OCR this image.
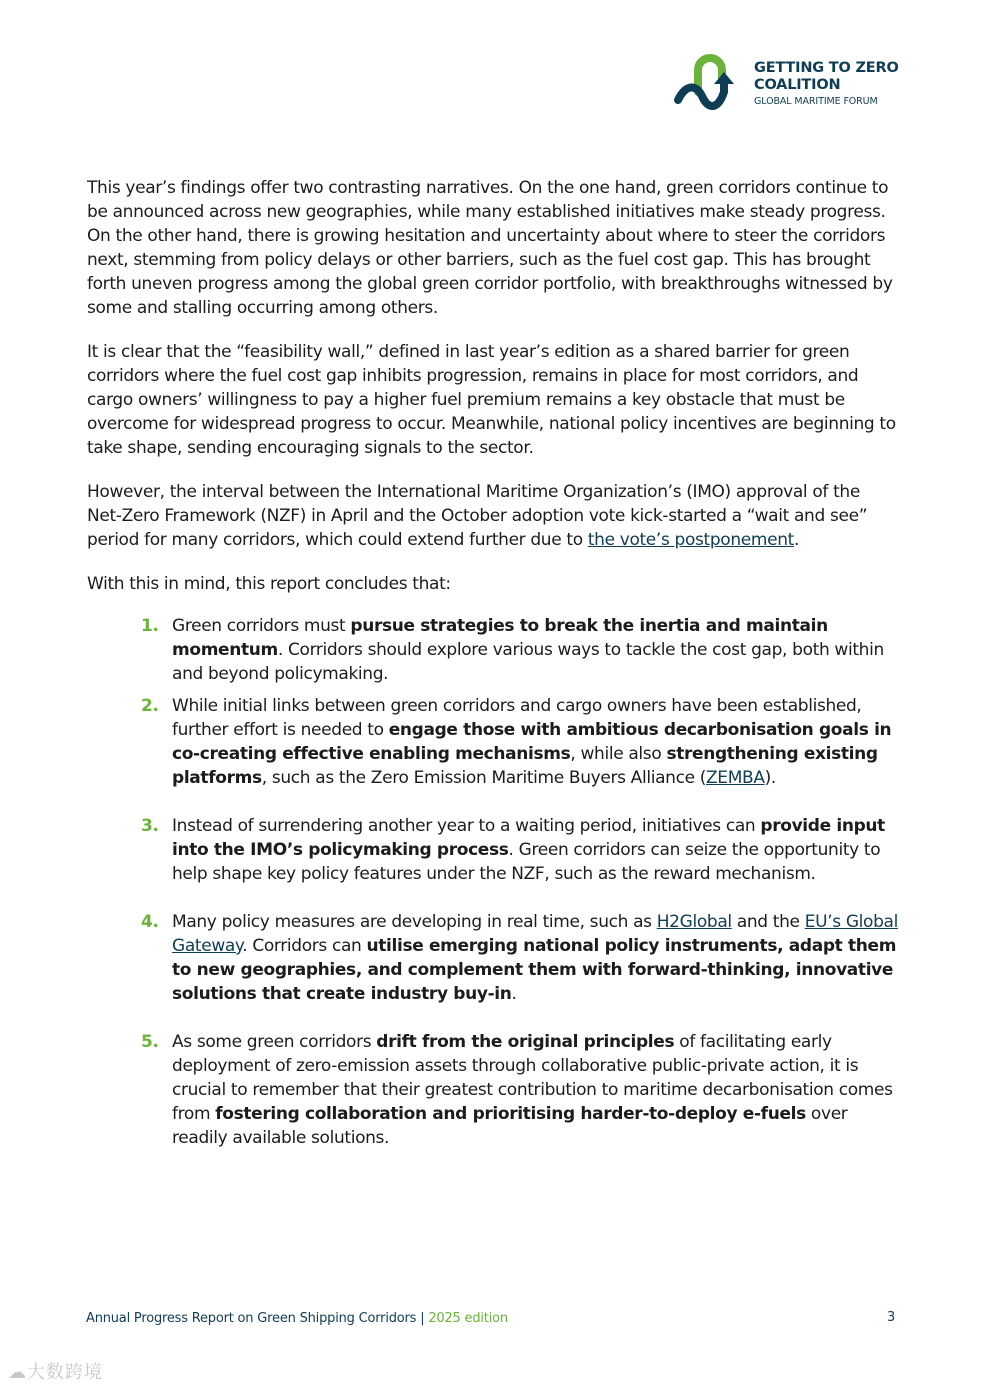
GETTING TO ZERO
COALITION
GLOBAL MARITIME FORUM

This year’s findings offer two contrasting narratives. On the one hand, green corridors continue to be announced across new geographies, while many established initiatives make steady progress. On the other hand, there is growing hesitation and uncertainty about where to steer the corridors next, stemming from policy delays or other barriers, such as the fuel cost gap. This has brought forth uneven progress among the global green corridor portfolio, with breakthroughs witnessed by some and stalling occurring among others.

It is clear that the “feasibility wall,” defined in last year’s edition as a shared barrier for green corridors where the fuel cost gap inhibits progression, remains in place for most corridors, and cargo owners’ willingness to pay a higher fuel premium remains a key obstacle that must be overcome for widespread progress to occur. Meanwhile, national policy incentives are beginning to take shape, sending encouraging signals to the sector.

However, the interval between the International Maritime Organization’s (IMO) approval of the Net-Zero Framework (NZF) in April and the October adoption vote kick-started a “wait and see” period for many corridors, which could extend further due to the vote’s postponement.

With this in mind, this report concludes that:

1. Green corridors must pursue strategies to break the inertia and maintain momentum. Corridors should explore various ways to tackle the cost gap, both within and beyond policymaking.
2. While initial links between green corridors and cargo owners have been established, further effort is needed to engage those with ambitious decarbonisation goals in co-creating effective enabling mechanisms, while also strengthening existing platforms, such as the Zero Emission Maritime Buyers Alliance (ZEMBA).
3. Instead of surrendering another year to a waiting period, initiatives can provide input into the IMO’s policymaking process. Green corridors can seize the opportunity to help shape key policy features under the NZF, such as the reward mechanism.
4. Many policy measures are developing in real time, such as H2Global and the EU’s Global Gateway. Corridors can utilise emerging national policy instruments, adapt them to new geographies, and complement them with forward-thinking, innovative solutions that create industry buy-in.
5. As some green corridors drift from the original principles of facilitating early deployment of zero-emission assets through collaborative public-private action, it is crucial to remember that their greatest contribution to maritime decarbonisation comes from fostering collaboration and prioritising harder-to-deploy e-fuels over readily available solutions.
Annual Progress Report on Green Shipping Corridors | 2025 edition	3
☁大数跨境
